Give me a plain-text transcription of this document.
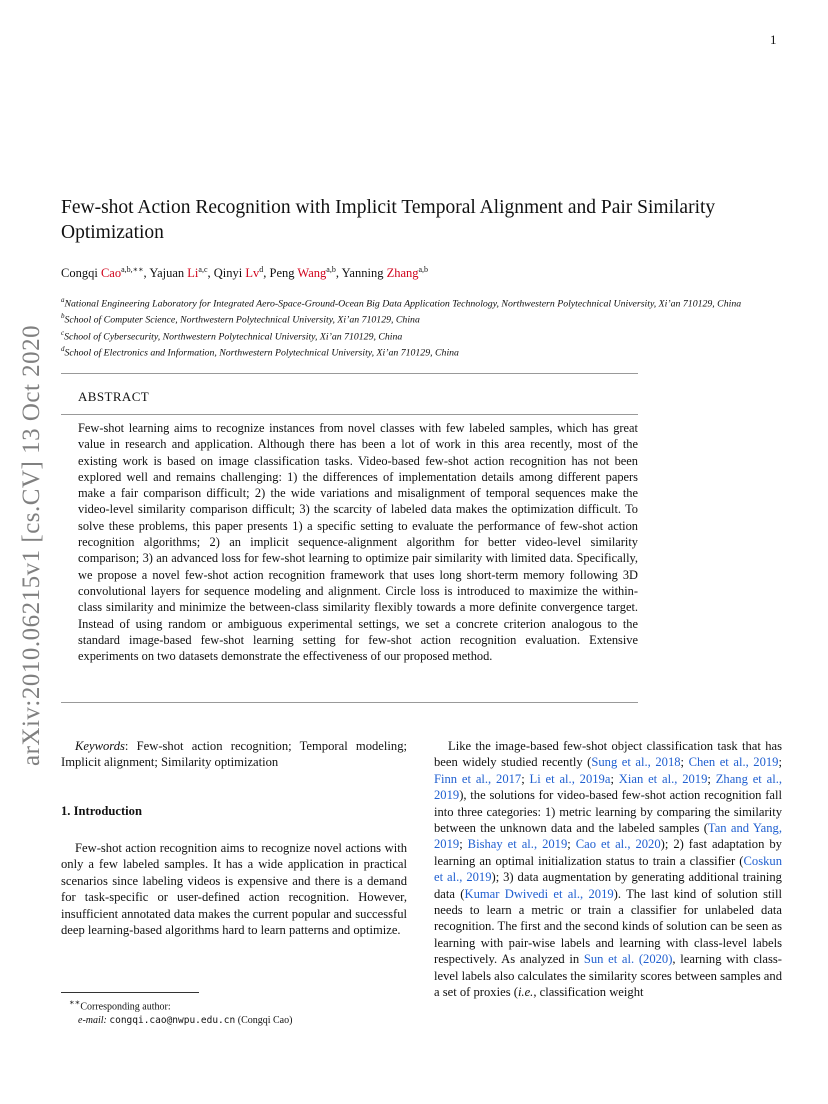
1
arXiv:2010.06215v1 [cs.CV] 13 Oct 2020
Few-shot Action Recognition with Implicit Temporal Alignment and Pair Similarity Optimization
Congqi Cao$^{a,b,∗∗}$, Yajuan Li$^{a,c}$, Qinyi Lv$^d$, Peng Wang$^{a,b}$, Yanning Zhang$^{a,b}$
$^a$National Engineering Laboratory for Integrated Aero-Space-Ground-Ocean Big Data Application Technology, Northwestern Polytechnical University, Xi’an 710129, China
$^b$School of Computer Science, Northwestern Polytechnical University, Xi’an 710129, China
$^c$School of Cybersecurity, Northwestern Polytechnical University, Xi’an 710129, China
$^d$School of Electronics and Information, Northwestern Polytechnical University, Xi’an 710129, China
ABSTRACT
Few-shot learning aims to recognize instances from novel classes with few labeled samples, which has great value in research and application. Although there has been a lot of work in this area recently, most of the existing work is based on image classification tasks. Video-based few-shot action recognition has not been explored well and remains challenging: 1) the differences of implementation details among different papers make a fair comparison difficult; 2) the wide variations and misalignment of temporal sequences make the video-level similarity comparison difficult; 3) the scarcity of labeled data makes the optimization difficult. To solve these problems, this paper presents 1) a specific setting to evaluate the performance of few-shot action recognition algorithms; 2) an implicit sequence-alignment algorithm for better video-level similarity comparison; 3) an advanced loss for few-shot learning to optimize pair similarity with limited data. Specifically, we propose a novel few-shot action recognition framework that uses long short-term memory following 3D convolutional layers for sequence modeling and alignment. Circle loss is introduced to maximize the within-class similarity and minimize the between-class similarity flexibly towards a more definite convergence target. Instead of using random or ambiguous experimental settings, we set a concrete criterion analogous to the standard image-based few-shot learning setting for few-shot action recognition evaluation. Extensive experiments on two datasets demonstrate the effectiveness of our proposed method.

Keywords: Few-shot action recognition; Temporal modeling; Implicit alignment; Similarity optimization

1. Introduction

Few-shot action recognition aims to recognize novel actions with only a few labeled samples. It has a wide application in practical scenarios since labeling videos is expensive and there is a demand for task-specific or user-defined action recognition. However, insufficient annotated data makes the current popular and successful deep learning-based algorithms hard to learn patterns and optimize.

∗∗Corresponding author:
e-mail: congqi.cao@nwpu.edu.cn (Congqi Cao)

Like the image-based few-shot object classification task that has been widely studied recently (Sung et al., 2018; Chen et al., 2019; Finn et al., 2017; Li et al., 2019a; Xian et al., 2019; Zhang et al., 2019), the solutions for video-based few-shot action recognition fall into three categories: 1) metric learning by comparing the similarity between the unknown data and the labeled samples (Tan and Yang, 2019; Bishay et al., 2019; Cao et al., 2020); 2) fast adaptation by learning an optimal initialization status to train a classifier (Coskun et al., 2019); 3) data augmentation by generating additional training data (Kumar Dwivedi et al., 2019). The last kind of solution still needs to learn a metric or train a classifier for unlabeled data recognition. The first and the second kinds of solution can be seen as learning with pair-wise labels and learning with class-level labels respectively. As analyzed in Sun et al. (2020), learning with class-level labels also calculates the similarity scores between samples and a set of proxies (i.e., classification weight
